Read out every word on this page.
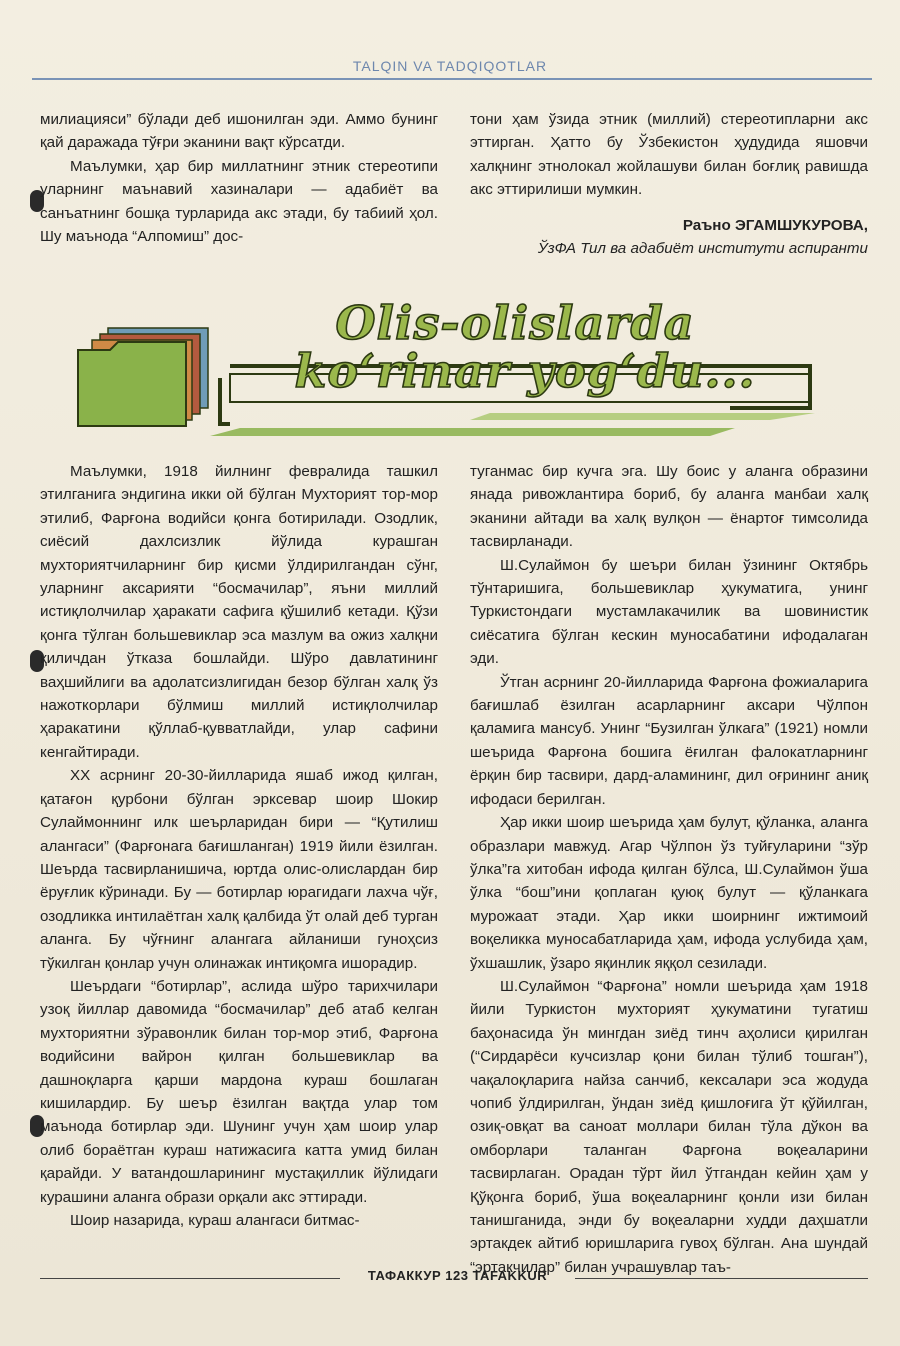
TALQIN VA TADQIQOTLAR

милиацияси” бўлади деб ишонилган эди. Аммо бунинг қай даражада тўғри эканини вақт кўрсатди.

Маълумки, ҳар бир миллатнинг этник стереотипи уларнинг маънавий хазиналари — адабиёт ва санъатнинг бошқа турларида акс этади, бу табиий ҳол. Шу маънода “Алпомиш” дос-

тони ҳам ўзида этник (миллий) стереотипларни акс эттирган. Ҳатто бу Ўзбекистон ҳудудида яшовчи халқнинг этнолокал жойлашуви билан боғлиқ равишда акс эттирилиши мумкин.

Раъно ЭГАМШУКУРОВА,

ЎзФА Тил ва адабиёт институти аспиранти

Olis-olislarda
ko‘rinar yog‘du...

Маълумки, 1918 йилнинг февралида ташкил этилганига эндигина икки ой бўлган Мухторият тор-мор этилиб, Фарғона водийси қонга ботирилади. Озодлик, сиёсий дахлсизлик йўлида курашган мухториятчиларнинг бир қисми ўлдирилгандан сўнг, уларнинг аксарияти “босмачилар”, яъни миллий истиқлолчилар ҳаракати сафига қўшилиб кетади. Қўзи қонга тўлган большевиклар эса мазлум ва ожиз халқни қиличдан ўтказа бошлайди. Шўро давлатининг ваҳшийлиги ва адолатсизлигидан безор бўлган халқ ўз нажоткорлари бўлмиш миллий истиқлолчилар ҳаракатини қўллаб-қувватлайди, улар сафини кенгайтиради.

XX асрнинг 20-30-йилларида яшаб ижод қилган, қатағон қурбони бўлган эрксевар шоир Шокир Сулаймоннинг илк шеърларидан бири — “Қутилиш алангаси” (Фарғонага бағишланган) 1919 йили ёзилган. Шеърда тасвирланишича, юртда олис-олислардан бир ёруғлик кўринади. Бу — ботирлар юрагидаги лахча чўғ, озодликка интилаётган халқ қалбида ўт олай деб турган аланга. Бу чўғнинг алангага айланиши гуноҳсиз тўкилган қонлар учун олинажак интиқомга ишорадир.

Шеърдаги “ботирлар”, аслида шўро тарихчилари узоқ йиллар давомида “босмачилар” деб атаб келган мухториятни зўравонлик билан тор-мор этиб, Фарғона водийсини вайрон қилган большевиклар ва дашноқларга қарши мардона кураш бошлаган кишилардир. Бу шеър ёзилган вақтда улар том маънода ботирлар эди. Шунинг учун ҳам шоир улар олиб бораётган кураш натижасига катта умид билан қарайди. У ватандошларининг мустақиллик йўлидаги курашини аланга образи орқали акс эттиради.

Шоир назарида, кураш алангаси битмас-

туганмас бир кучга эга. Шу боис у аланга образини янада ривожлантира бориб, бу аланга манбаи халқ эканини айтади ва халқ вулқон — ёнартоғ тимсолида тасвирланади.

Ш.Сулаймон бу шеъри билан ўзининг Октябрь тўнтаришига, большевиклар ҳукуматига, унинг Туркистондаги мустамлакачилик ва шовинистик сиёсатига бўлган кескин муносабатини ифодалаган эди.

Ўтган асрнинг 20-йилларида Фарғона фожиаларига бағишлаб ёзилган асарларнинг аксари Чўлпон қаламига мансуб. Унинг “Бузилган ўлкага” (1921) номли шеърида Фарғона бошига ёғилган фалокатларнинг ёрқин бир тасвири, дард-аламининг, дил оғрининг аниқ ифодаси берилган.

Ҳар икки шоир шеърида ҳам булут, қўланка, аланга образлари мавжуд. Агар Чўлпон ўз туйғуларини “зўр ўлка”га хитобан ифода қилган бўлса, Ш.Сулаймон ўша ўлка “бош”ини қоплаган қуюқ булут — қўланкага мурожаат этади. Ҳар икки шоирнинг ижтимоий воқеликка муносабатларида ҳам, ифода услубида ҳам, ўхшашлик, ўзаро яқинлик яққол сезилади.

Ш.Сулаймон “Фарғона” номли шеърида ҳам 1918 йили Туркистон мухторият ҳукуматини тугатиш баҳонасида ўн мингдан зиёд тинч аҳолиси қирилган (“Сирдарёси кучсизлар қони билан тўлиб тошган”), чақалоқларига найза санчиб, кексалари эса жодуда чопиб ўлдирилган, ўндан зиёд қишлоғига ўт қўйилган, озиқ-овқат ва саноат моллари билан тўла дўкон ва омборлари таланган Фарғона воқеаларини тасвирлаган. Орадан тўрт йил ўтгандан кейин ҳам у Қўқонга бориб, ўша воқеаларнинг қонли изи билан танишганида, энди бу воқеаларни худди даҳшатли эртакдек айтиб юришларига гувоҳ бўлган. Ана шундай “эртакчилар” билан учрашувлар таъ-

ТАФАККУР 123 TAFAKKUR
